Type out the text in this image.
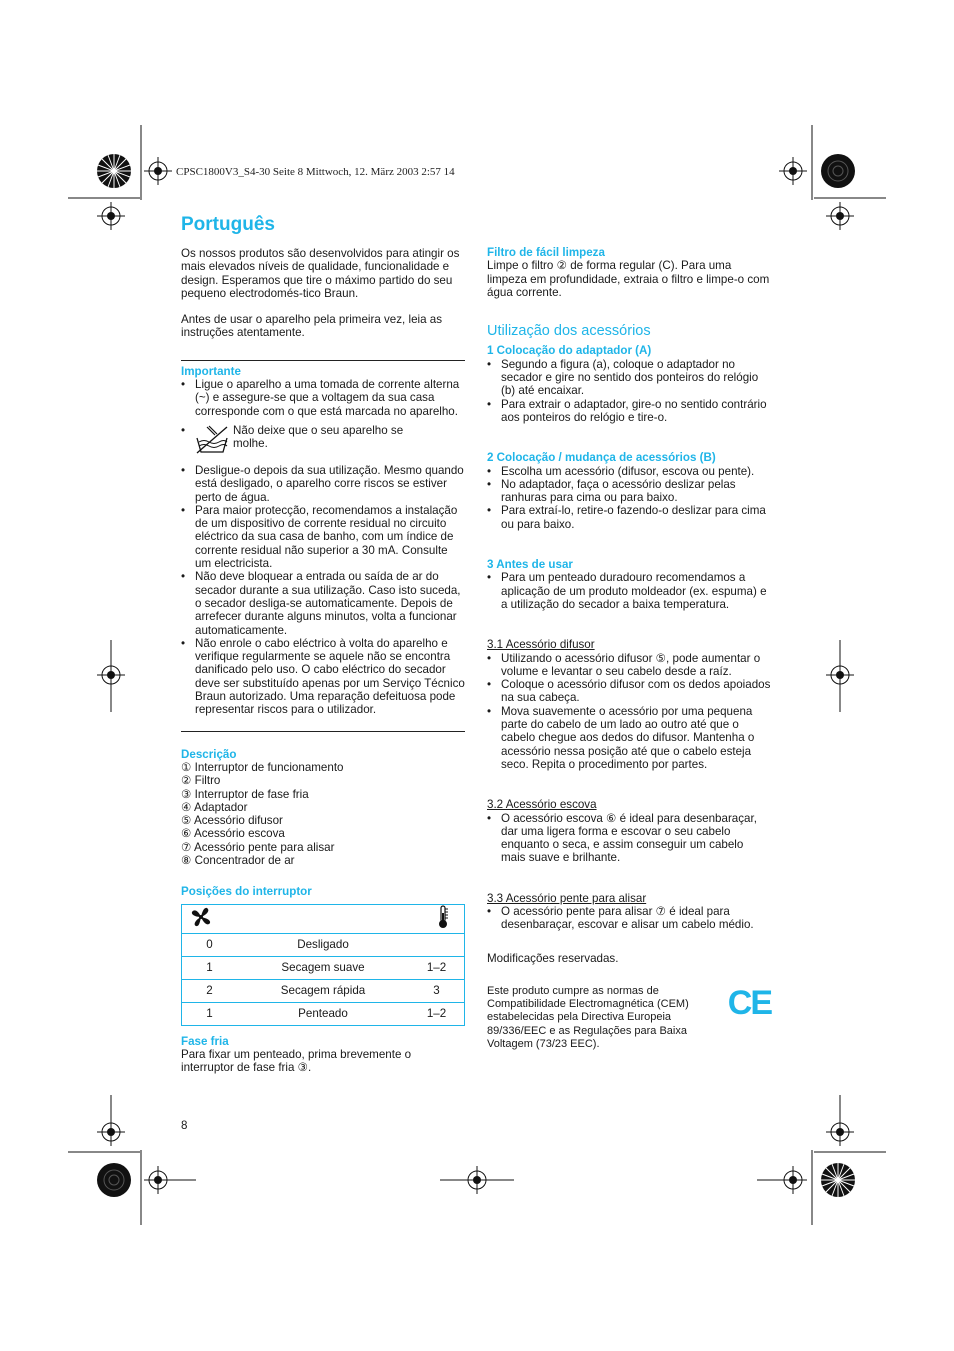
CPSC1800V3_S4-30 Seite 8 Mittwoch, 12. März 2003 2:57 14
Português

Os nossos produtos são desenvolvidos para atingir os mais elevados níveis de qualidade, funcionalidade e design. Esperamos que tire o máximo partido do seu pequeno electrodomés-tico Braun.

Antes de usar o aparelho pela primeira vez, leia as instruções atentamente.

Importante
• Ligue o aparelho a uma tomada de corrente alterna (~) e assegure-se que a voltagem da sua casa corresponde com o que está marcada no aparelho.
•	Não deixe que o seu aparelho se molhe.
• Desligue-o depois da sua utilização. Mesmo quando está desligado, o aparelho corre riscos se estiver perto de água.
• Para maior protecção, recomendamos a instalação de um dispositivo de corrente residual no circuito eléctrico da sua casa de banho, com um índice de corrente residual não superior a 30 mA. Consulte um electricista.
• Não deve bloquear a entrada ou saída de ar do secador durante a sua utilização. Caso isto suceda, o secador desliga-se automaticamente. Depois de arrefecer durante alguns minutos, volta a funcionar automaticamente.
• Não enrole o cabo eléctrico à volta do aparelho e verifique regularmente se aquele não se encontra danificado pelo uso. O cabo eléctrico do secador deve ser substituído apenas por um Serviço Técnico Braun autorizado. Uma reparação defeituosa pode representar riscos para o utilizador.
Descrição
① Interruptor de funcionamento
② Filtro
③ Interruptor de fase fria
④ Adaptador
⑤ Acessório difusor
⑥ Acessório escova
⑦ Acessório pente para alisar
⑧ Concentrador de ar
Posições do interruptor
0	Desligado
1	Secagem suave	1–2
2	Secagem rápida	3
1	Penteado	1–2
Fase fria
Para fixar um penteado, prima brevemente o interruptor de fase fria ③.
Filtro de fácil limpeza

Limpe o filtro ② de forma regular (C). Para uma limpeza em profundidade, extraia o filtro e limpe-o com água corrente.

Utilização dos acessórios
1 Colocação do adaptador (A)
• Segundo a figura (a), coloque o adaptador no secador e gire no sentido dos ponteiros do relógio (b) até encaixar.
• Para extrair o adaptador, gire-o no sentido contrário aos ponteiros do relógio e tire-o.
2 Colocação / mudança de acessórios (B)
• Escolha um acessório (difusor, escova ou pente).
• No adaptador, faça o acessório deslizar pelas ranhuras para cima ou para baixo.
• Para extraí-lo, retire-o fazendo-o deslizar para cima ou para baixo.
3 Antes de usar
• Para um penteado duradouro recomendamos a aplicação de um produto moldeador (ex. espuma) e a utilização do secador a baixa temperatura.
3.1 Acessório difusor
• Utilizando o acessório difusor ⑤, pode aumentar o volume e levantar o seu cabelo desde a raíz.
• Coloque o acessório difusor com os dedos apoiados na sua cabeça.
• Mova suavemente o acessório por uma pequena parte do cabelo de um lado ao outro até que o cabelo chegue aos dedos do difusor. Mantenha o acessório nessa posição até que o cabelo esteja seco. Repita o procedimento por partes.
3.2 Acessório escova
• O acessório escova ⑥ é ideal para desenbaraçar, dar uma ligera forma e escovar o seu cabelo enquanto o seca, e assim conseguir um cabelo mais suave e brilhante.
3.3 Acessório pente para alisar
• O acessório pente para alisar ⑦ é ideal para desenbaraçar, escovar e alisar um cabelo médio.

Modificações reservadas.

Este produto cumpre as normas de Compatibilidade Electromagnética (CEM) estabelecidas pela Directiva Europeia 89/336/EEC e as Regulações para Baixa Voltagem (73/23 EEC).
CE
8
